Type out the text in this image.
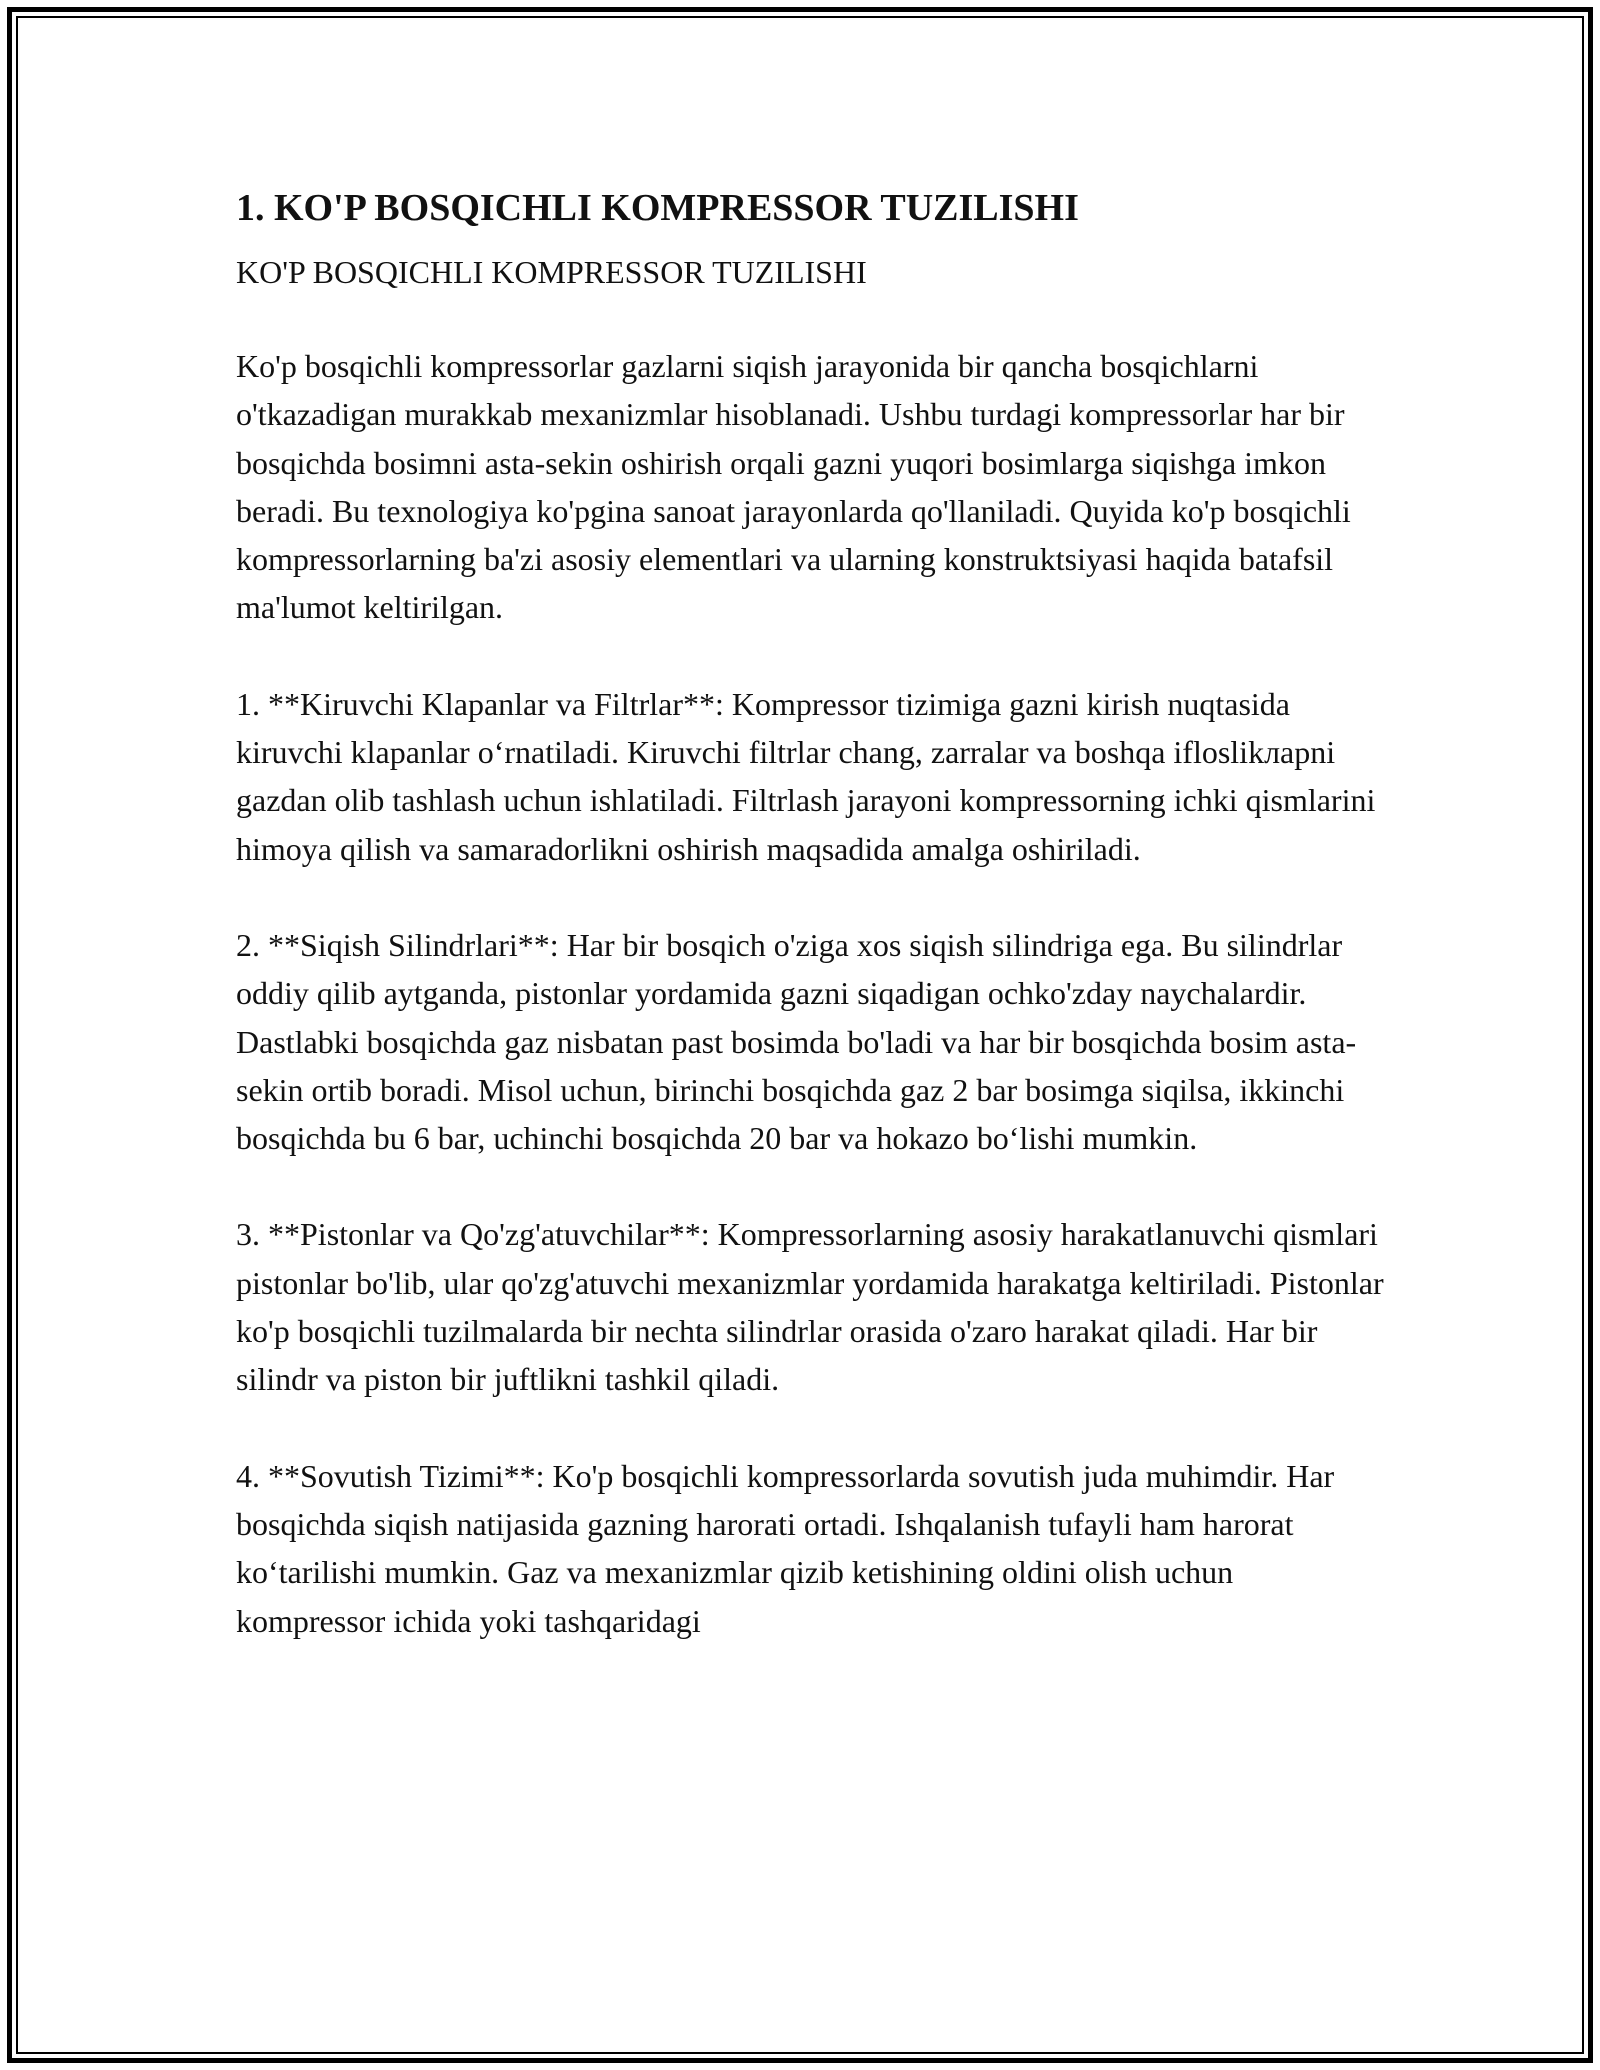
1. KO'P BOSQICHLI KOMPRESSOR TUZILISHI
KO'P BOSQICHLI KOMPRESSOR TUZILISHI

Ko'p bosqichli kompressorlar gazlarni siqish jarayonida bir qancha bosqichlarni o'tkazadigan murakkab mexanizmlar hisoblanadi. Ushbu turdagi kompressorlar har bir bosqichda bosimni asta-sekin oshirish orqali gazni yuqori bosimlarga siqishga imkon beradi. Bu texnologiya ko'pgina sanoat jarayonlarda qo'llaniladi. Quyida ko'p bosqichli kompressorlarning ba'zi asosiy elementlari va ularning konstruktsiyasi haqida batafsil ma'lumot keltirilgan.

1. **Kiruvchi Klapanlar va Filtrlar**: Kompressor tizimiga gazni kirish nuqtasida kiruvchi klapanlar oʻrnatiladi. Kiruvchi filtrlar chang, zarralar va boshqa ifloslikларni gazdan olib tashlash uchun ishlatiladi. Filtrlash jarayoni kompressorning ichki qismlarini himoya qilish va samaradorlikni oshirish maqsadida amalga oshiriladi.

2. **Siqish Silindrlari**: Har bir bosqich o'ziga xos siqish silindriga ega. Bu silindrlar oddiy qilib aytganda, pistonlar yordamida gazni siqadigan ochko'zday naychalardir. Dastlabki bosqichda gaz nisbatan past bosimda bo'ladi va har bir bosqichda bosim asta-sekin ortib boradi. Misol uchun, birinchi bosqichda gaz 2 bar bosimga siqilsa, ikkinchi bosqichda bu 6 bar, uchinchi bosqichda 20 bar va hokazo boʻlishi mumkin.

3. **Pistonlar va Qo'zg'atuvchilar**: Kompressorlarning asosiy harakatlanuvchi qismlari pistonlar bo'lib, ular qo'zg'atuvchi mexanizmlar yordamida harakatga keltiriladi. Pistonlar ko'p bosqichli tuzilmalarda bir nechta silindrlar orasida o'zaro harakat qiladi. Har bir silindr va piston bir juftlikni tashkil qiladi.

4. **Sovutish Tizimi**: Ko'p bosqichli kompressorlarda sovutish juda muhimdir. Har bosqichda siqish natijasida gazning harorati ortadi. Ishqalanish tufayli ham harorat koʻtarilishi mumkin. Gaz va mexanizmlar qizib ketishining oldini olish uchun kompressor ichida yoki tashqaridagi
